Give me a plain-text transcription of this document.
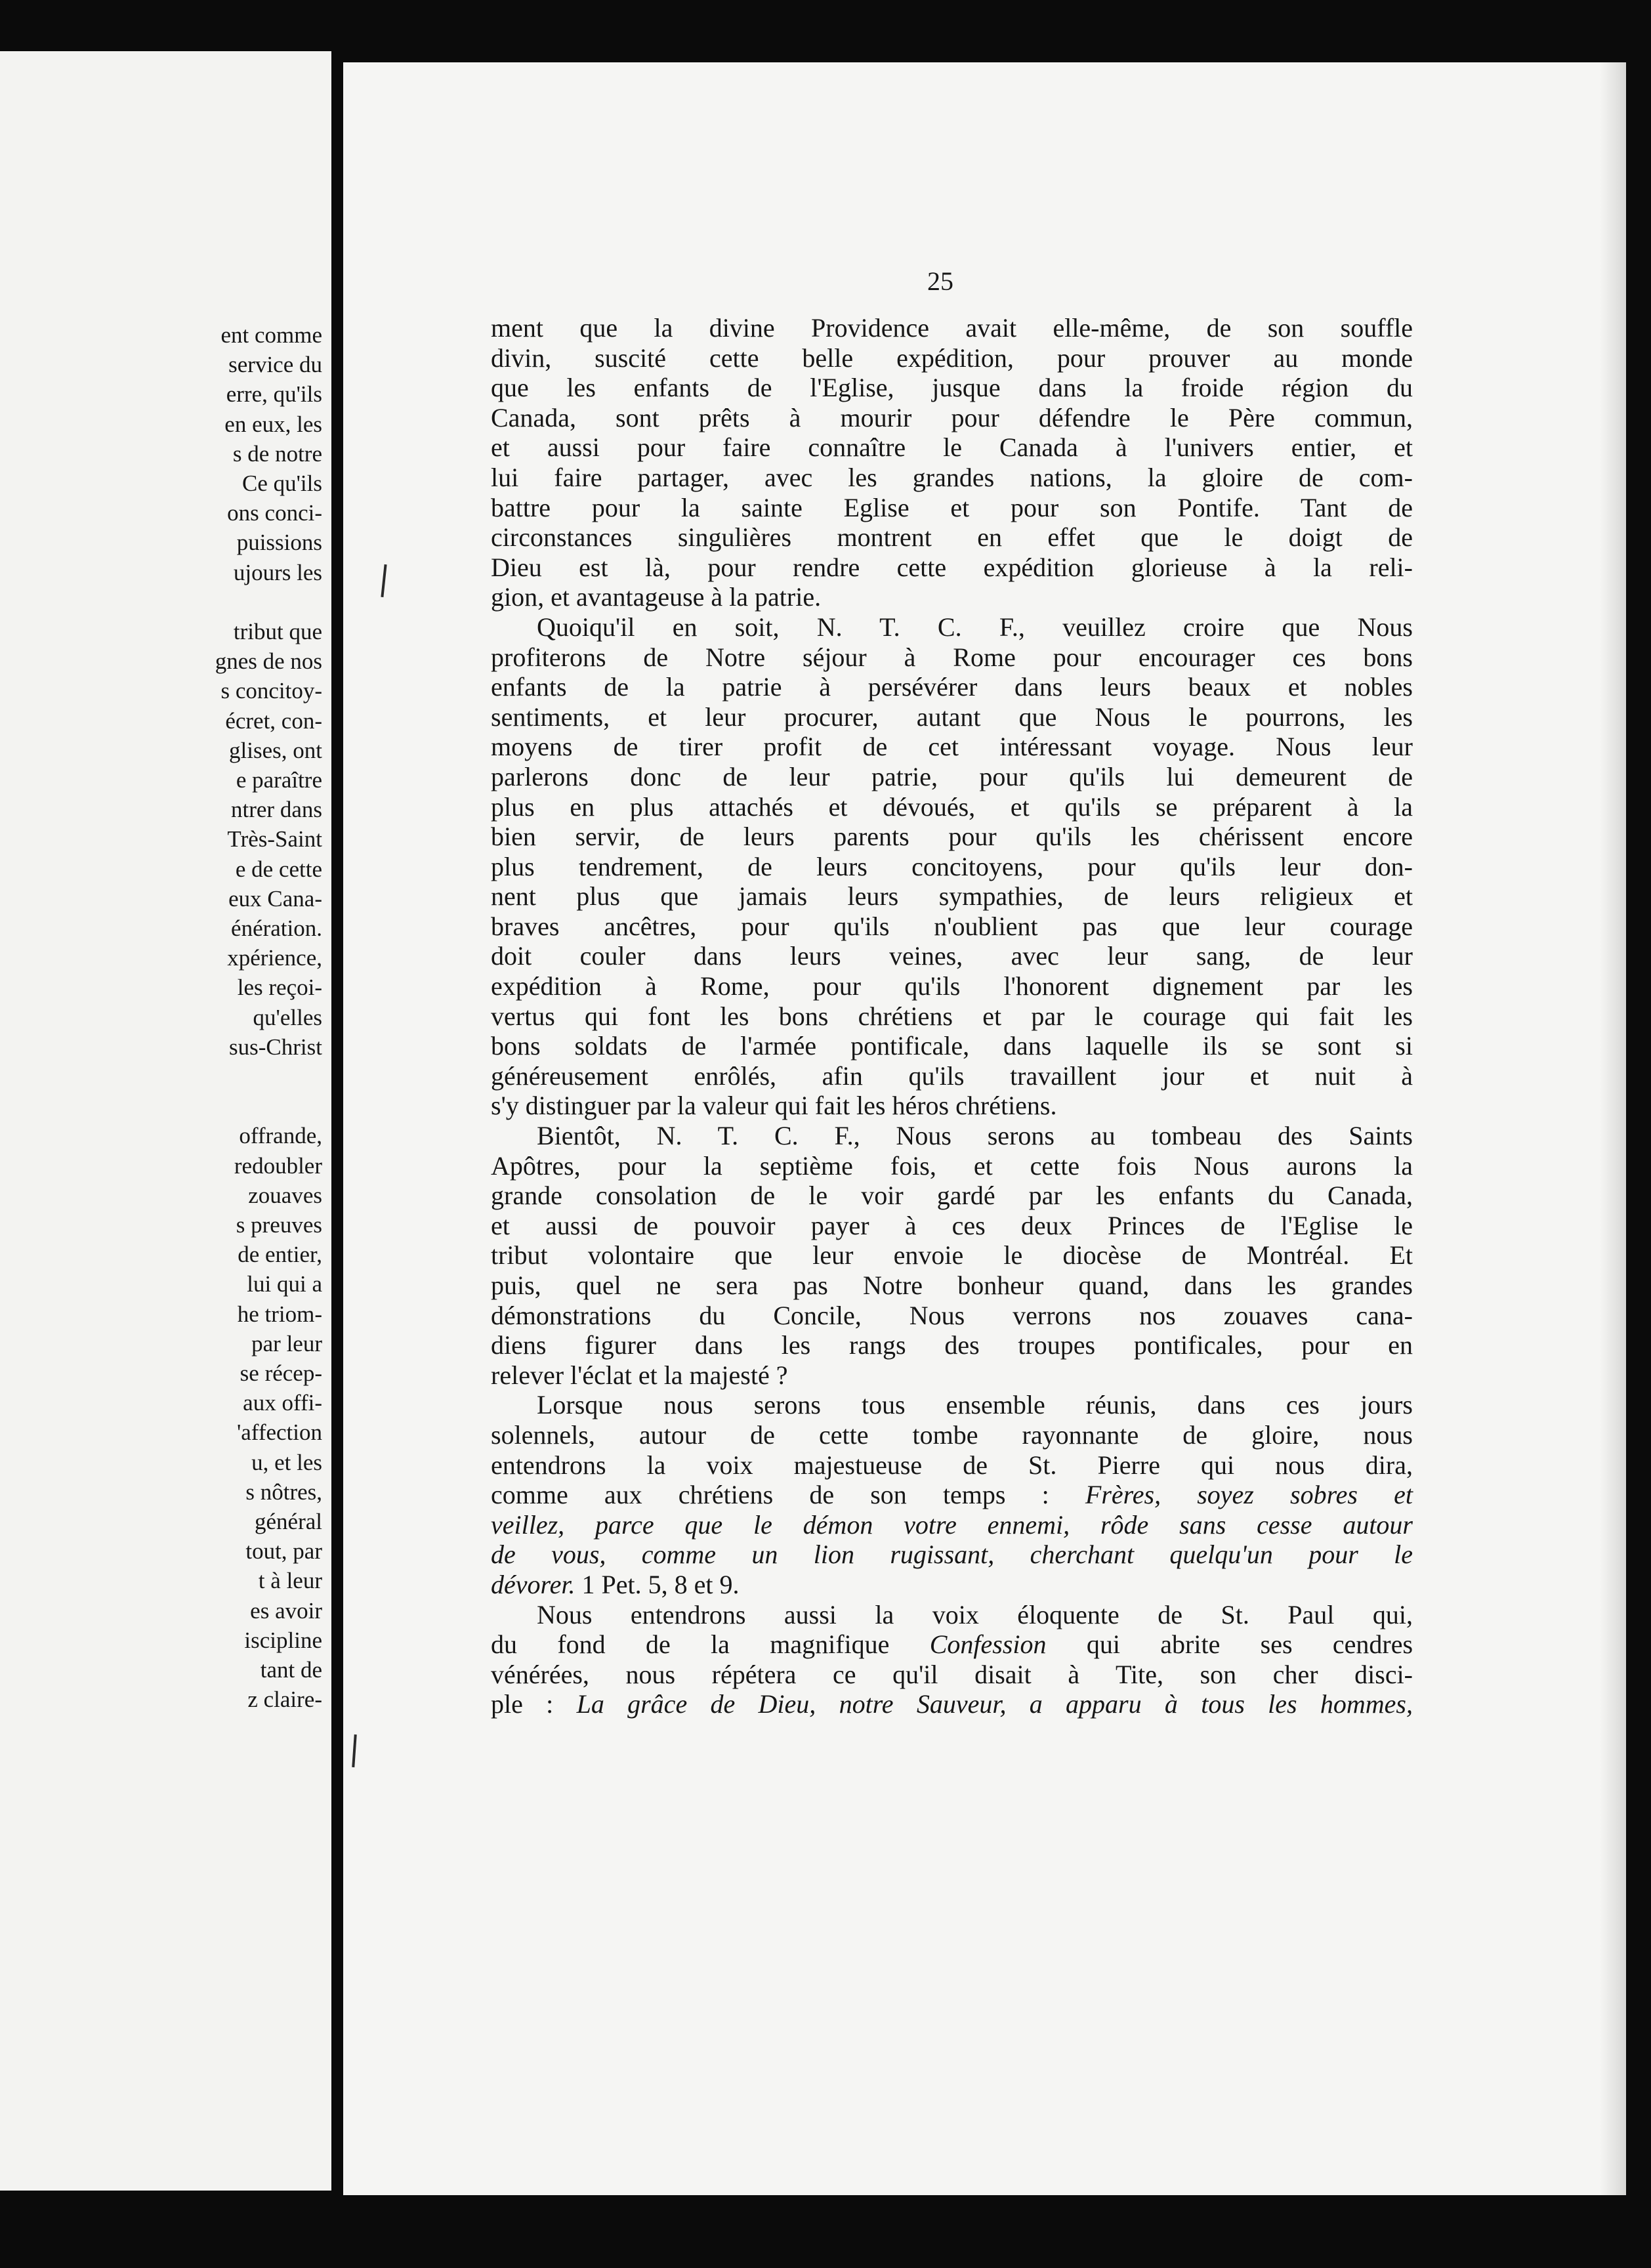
ent comme
service du
erre, qu'ils
en eux, les
s de notre
Ce qu'ils
ons conci-
puissions
ujours les
tribut que
gnes de nos
s concitoy-
écret, con-
glises, ont
e paraître
ntrer dans
Très-Saint
e de cette
eux Cana-
énération.
xpérience,
les reçoi-
qu'elles
sus-Christ
offrande,
redoubler
zouaves
s preuves
de entier,
lui qui a
he triom-
par leur
se récep-
aux offi-
'affection
u, et les
s nôtres,
général
tout, par
t à leur
es avoir
iscipline
tant de
z claire-
25
ment que la divine Providence avait elle-même, de son souffle
divin, suscité cette belle expédition, pour prouver au monde
que les enfants de l'Eglise, jusque dans la froide région du
Canada, sont prêts à mourir pour défendre le Père commun,
et aussi pour faire connaître le Canada à l'univers entier, et
lui faire partager, avec les grandes nations, la gloire de com-
battre pour la sainte Eglise et pour son Pontife. Tant de
circonstances singulières montrent en effet que le doigt de
Dieu est là, pour rendre cette expédition glorieuse à la reli-
gion, et avantageuse à la patrie.
Quoiqu'il en soit, N. T. C. F., veuillez croire que Nous
profiterons de Notre séjour à Rome pour encourager ces bons
enfants de la patrie à persévérer dans leurs beaux et nobles
sentiments, et leur procurer, autant que Nous le pourrons, les
moyens de tirer profit de cet intéressant voyage. Nous leur
parlerons donc de leur patrie, pour qu'ils lui demeurent de
plus en plus attachés et dévoués, et qu'ils se préparent à la
bien servir, de leurs parents pour qu'ils les chérissent encore
plus tendrement, de leurs concitoyens, pour qu'ils leur don-
nent plus que jamais leurs sympathies, de leurs religieux et
braves ancêtres, pour qu'ils n'oublient pas que leur courage
doit couler dans leurs veines, avec leur sang, de leur
expédition à Rome, pour qu'ils l'honorent dignement par les
vertus qui font les bons chrétiens et par le courage qui fait les
bons soldats de l'armée pontificale, dans laquelle ils se sont si
généreusement enrôlés, afin qu'ils travaillent jour et nuit à
s'y distinguer par la valeur qui fait les héros chrétiens.
Bientôt, N. T. C. F., Nous serons au tombeau des Saints
Apôtres, pour la septième fois, et cette fois Nous aurons la
grande consolation de le voir gardé par les enfants du Canada,
et aussi de pouvoir payer à ces deux Princes de l'Eglise le
tribut volontaire que leur envoie le diocèse de Montréal. Et
puis, quel ne sera pas Notre bonheur quand, dans les grandes
démonstrations du Concile, Nous verrons nos zouaves cana-
diens figurer dans les rangs des troupes pontificales, pour en
relever l'éclat et la majesté ?
Lorsque nous serons tous ensemble réunis, dans ces jours
solennels, autour de cette tombe rayonnante de gloire, nous
entendrons la voix majestueuse de St. Pierre qui nous dira,
comme aux chrétiens de son temps : Frères, soyez sobres et
veillez, parce que le démon votre ennemi, rôde sans cesse autour
de vous, comme un lion rugissant, cherchant quelqu'un pour le
dévorer. 1 Pet. 5, 8 et 9.
Nous entendrons aussi la voix éloquente de St. Paul qui,
du fond de la magnifique Confession qui abrite ses cendres
vénérées, nous répétera ce qu'il disait à Tite, son cher disci-
ple : La grâce de Dieu, notre Sauveur, a apparu à tous les hommes,
